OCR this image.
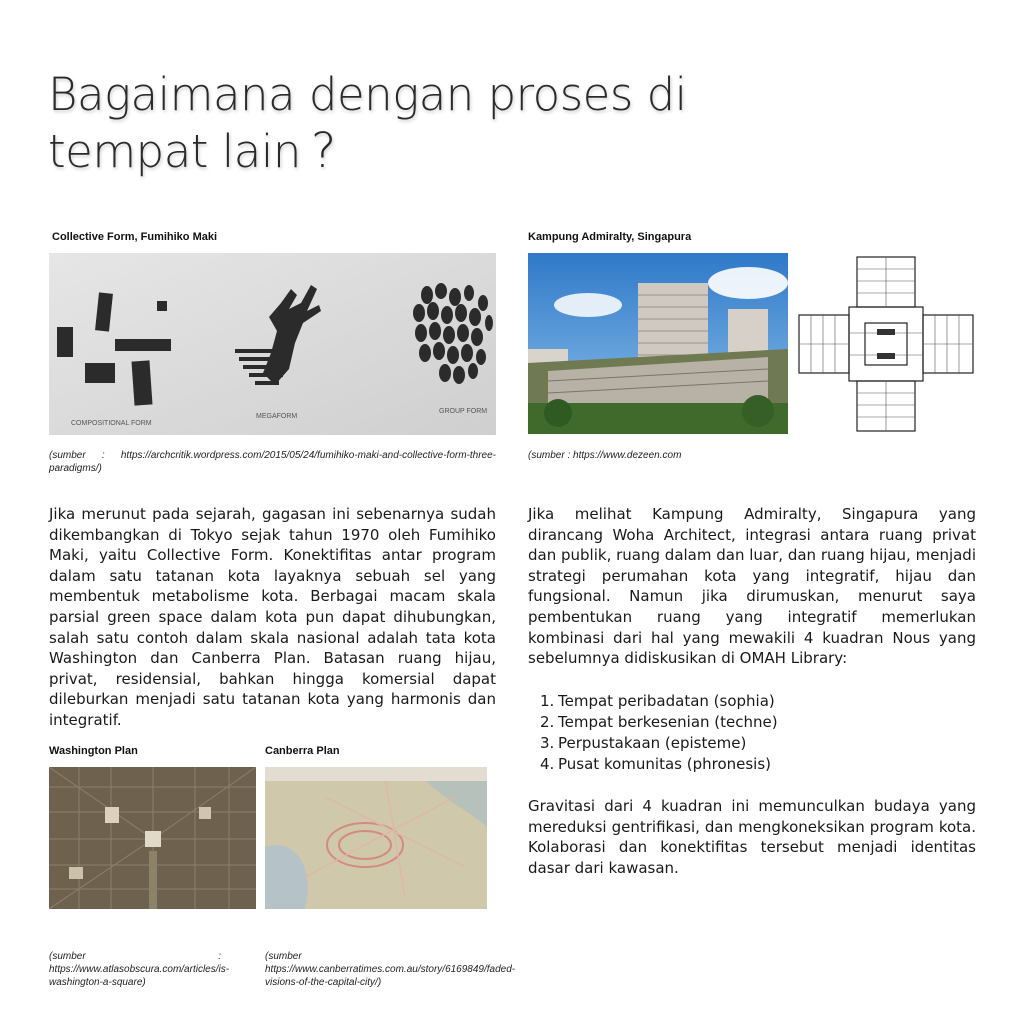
Bagaimana dengan proses di
tempat lain ?
Collective Form, Fumihiko Maki
COMPOSITIONAL FORM
MEGAFORM
GROUP FORM
(sumber : https://archcritik.wordpress.com/2015/05/24/fumihiko-maki-and-collective-form-three-paradigms/)
Jika merunut pada sejarah, gagasan ini sebenarnya sudah dikembangkan di Tokyo sejak tahun 1970 oleh Fumihiko Maki, yaitu Collective Form. Konektifitas antar program dalam satu tatanan kota layaknya sebuah sel yang membentuk metabolisme kota. Berbagai macam skala parsial green space dalam kota pun dapat dihubungkan, salah satu contoh dalam skala nasional adalah tata kota Washington dan Canberra Plan. Batasan ruang hijau, privat, residensial, bahkan hingga komersial dapat dileburkan menjadi satu tatanan kota yang harmonis dan integratif.
Washington Plan
(sumber : https://www.atlasobscura.com/articles/is-washington-a-square)
Canberra Plan
(sumber https://www.canberratimes.com.au/story/6169849/faded-visions-of-the-capital-city/)
Kampung Admiralty, Singapura
(sumber : https://www.dezeen.com
Jika melihat Kampung Admiralty, Singapura yang dirancang Woha Architect, integrasi antara ruang privat dan publik, ruang dalam dan luar, dan ruang hijau, menjadi strategi perumahan kota yang integratif, hijau dan fungsional. Namun jika dirumuskan, menurut saya pembentukan ruang yang integratif memerlukan kombinasi dari hal yang mewakili 4 kuadran Nous yang sebelumnya didiskusikan di OMAH Library:
1. Tempat peribadatan (sophia)
2. Tempat berkesenian (techne)
3. Perpustakaan (episteme)
4. Pusat komunitas (phronesis)
Gravitasi dari 4 kuadran ini memunculkan budaya yang mereduksi gentrifikasi, dan mengkoneksikan program kota. Kolaborasi dan konektifitas tersebut menjadi identitas dasar dari kawasan.
